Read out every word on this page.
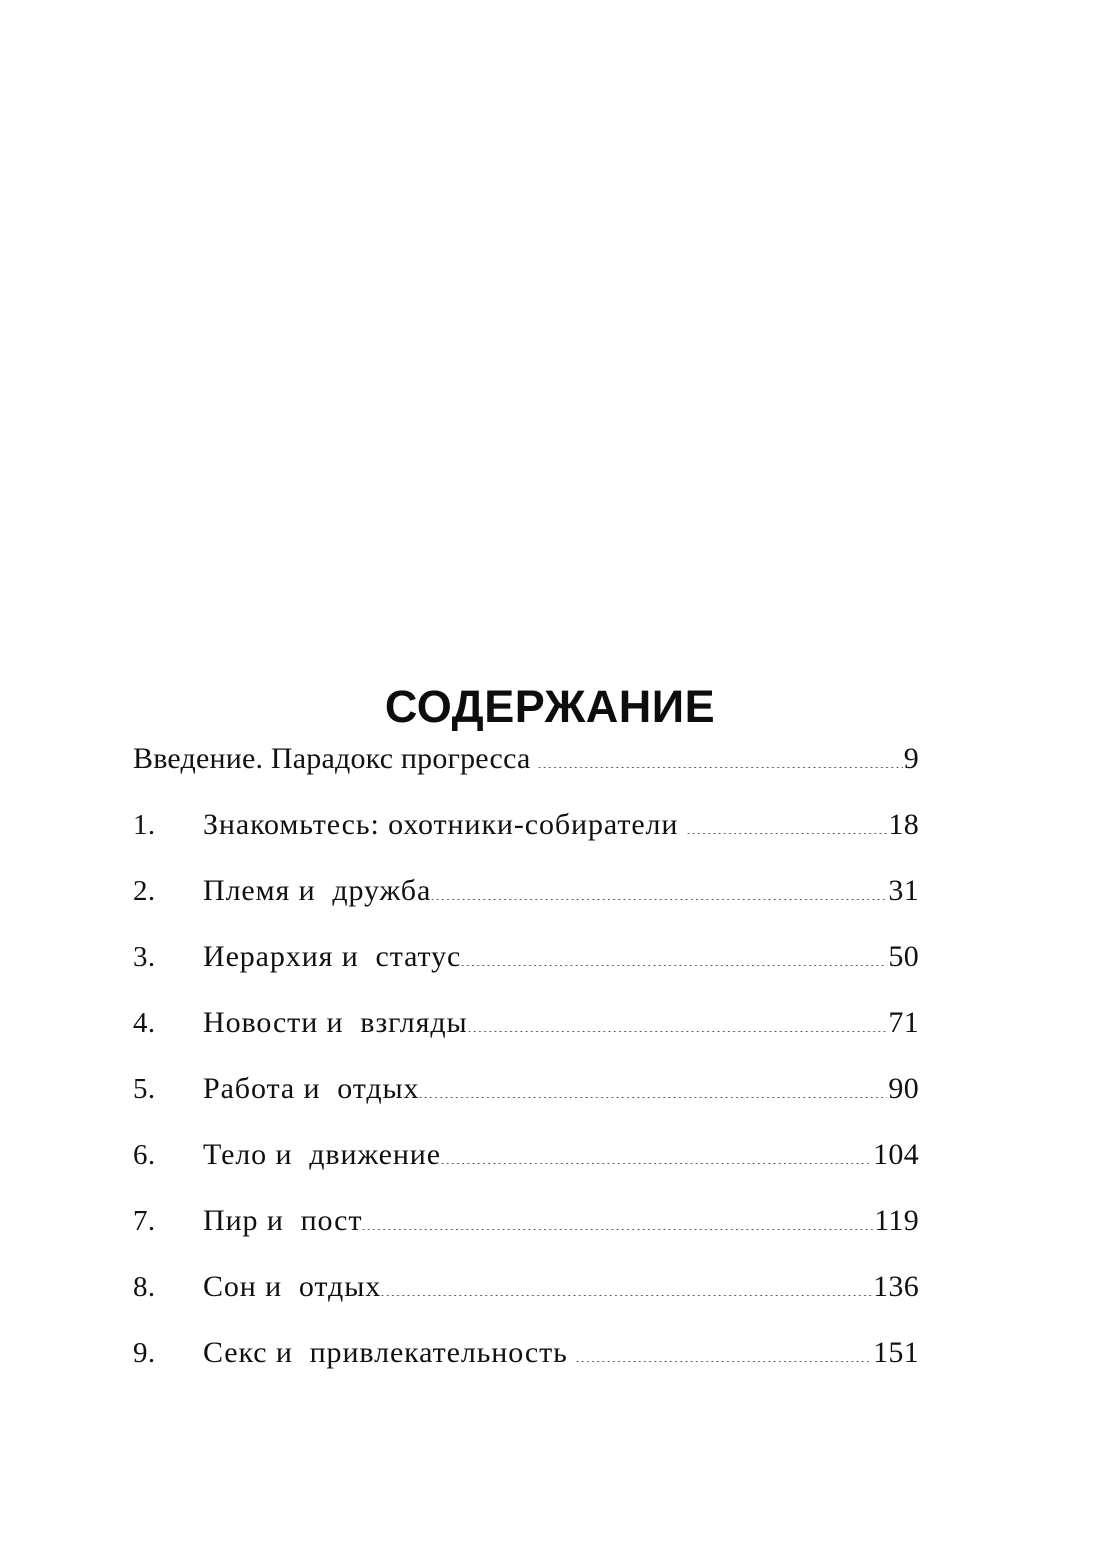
СОДЕРЖАНИЕ
Введение. Парадокс прогресса	9
1.	Знакомьтесь: охотники-собиратели	18
2.	Племя и  дружба	31
3.	Иерархия и  статус	50
4.	Новости и  взгляды	71
5.	Работа и  отдых	90
6.	Тело и  движение	104
7.	Пир и  пост	119
8.	Сон и  отдых	136
9.	Секс и  привлекательность	151
